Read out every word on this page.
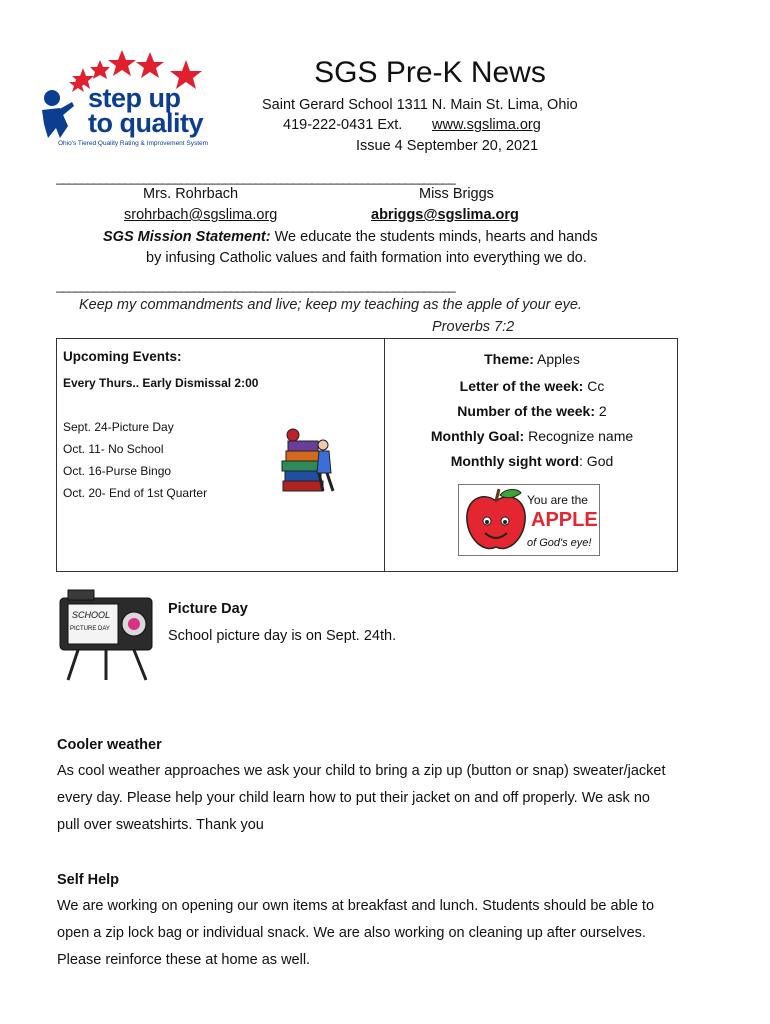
step up
to quality
Ohio's Tiered Quality Rating & Improvement System
SGS Pre-K News
Saint Gerard School 1311 N. Main St. Lima, Ohio
419-222-0431 Ext. www.sgslima.org
Issue 4 September 20, 2021
________________________________________________________________
Mrs. Rohrbach	Miss Briggs
srohrbach@sgslima.org	abriggs@sgslima.org
SGS Mission Statement: We educate the students minds, hearts and hands
by infusing Catholic values and faith formation into everything we do.
________________________________________________________________
Keep my commandments and live; keep my teaching as the apple of your eye.
Proverbs 7:2
Upcoming Events:
Every Thurs.. Early Dismissal 2:00
Sept. 24-Picture Day
Oct. 11- No School
Oct. 16-Purse Bingo
Oct. 20- End of 1st Quarter
Theme: Apples
Letter of the week: Cc
Number of the week: 2
Monthly Goal: Recognize name
Monthly sight word: God
You are the
APPLE
of God's eye!
SCHOOL
PICTURE DAY
Picture Day
School picture day is on Sept. 24th.
Cooler weather
As cool weather approaches we ask your child to bring a zip up (button or snap) sweater/jacket
every day. Please help your child learn how to put their jacket on and off properly. We ask no
pull over sweatshirts. Thank you
Self Help
We are working on opening our own items at breakfast and lunch. Students should be able to
open a zip lock bag or individual snack. We are also working on cleaning up after ourselves.
Please reinforce these at home as well.
